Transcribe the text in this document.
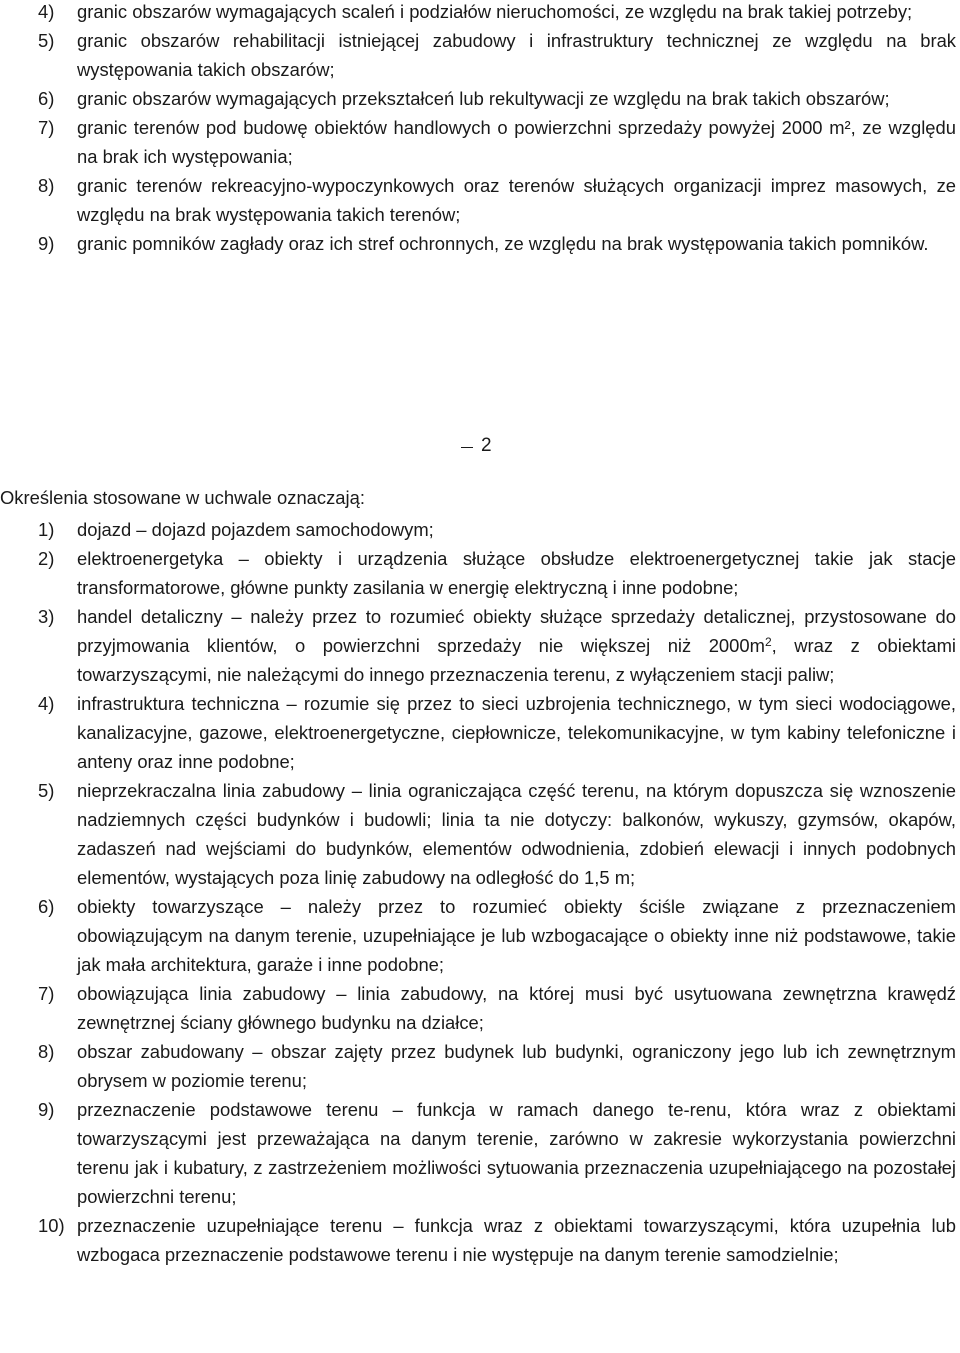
4) granic obszarów wymagających scaleń i podziałów nieruchomości, ze względu na brak takiej potrzeby;
5) granic obszarów rehabilitacji istniejącej zabudowy i infrastruktury technicznej ze względu na brak występowania takich obszarów;
6) granic obszarów wymagających przekształceń lub rekultywacji ze względu na brak takich obszarów;
7) granic terenów pod budowę obiektów handlowych o powierzchni sprzedaży powyżej 2000 m², ze względu na brak ich występowania;
8) granic terenów rekreacyjno-wypoczynkowych oraz terenów służących organizacji imprez masowych, ze względu na brak występowania takich terenów;
9) granic pomników zagłady oraz ich stref ochronnych, ze względu na brak występowania takich pomników.
2
Określenia stosowane w uchwale oznaczają:
1) dojazd – dojazd pojazdem samochodowym;
2) elektroenergetyka – obiekty i urządzenia służące obsłudze elektroenergetycznej takie jak stacje transformatorowe, główne punkty zasilania w energię elektryczną i inne podobne;
3) handel detaliczny – należy przez to rozumieć obiekty służące sprzedaży detalicznej, przystosowane do przyjmowania klientów, o powierzchni sprzedaży nie większej niż $2000m^2$, wraz z obiektami towarzyszącymi, nie należącymi do innego przeznaczenia terenu, z wyłączeniem stacji paliw;
4) infrastruktura techniczna – rozumie się przez to sieci uzbrojenia technicznego, w tym sieci wodociągowe, kanalizacyjne, gazowe, elektroenergetyczne, ciepłownicze, telekomunikacyjne, w tym kabiny telefoniczne i anteny oraz inne podobne;
5) nieprzekraczalna linia zabudowy – linia ograniczająca część terenu, na którym dopuszcza się wznoszenie nadziemnych części budynków i budowli; linia ta nie dotyczy: balkonów, wykuszy, gzymsów, okapów, zadaszeń nad wejściami do budynków, elementów odwodnienia, zdobień elewacji i innych podobnych elementów, wystających poza linię zabudowy na odległość do 1,5 m;
6) obiekty towarzyszące – należy przez to rozumieć obiekty ściśle związane z przeznaczeniem obowiązującym na danym terenie, uzupełniające je lub wzbogacające o obiekty inne niż podstawowe, takie jak mała architektura, garaże i inne podobne;
7) obowiązująca linia zabudowy – linia zabudowy, na której musi być usytuowana zewnętrzna krawędź zewnętrznej ściany głównego budynku na działce;
8) obszar zabudowany – obszar zajęty przez budynek lub budynki, ograniczony jego lub ich zewnętrznym obrysem w poziomie terenu;
9) przeznaczenie podstawowe terenu – funkcja w ramach danego te-renu, która wraz z obiektami towarzyszącymi jest przeważająca na danym terenie, zarówno w zakresie wykorzystania powierzchni terenu jak i kubatury, z zastrzeżeniem możliwości sytuowania przeznaczenia uzupełniającego na pozostałej powierzchni terenu;
10) przeznaczenie uzupełniające terenu – funkcja wraz z obiektami towarzyszącymi, która uzupełnia lub wzbogaca przeznaczenie podstawowe terenu i nie występuje na danym terenie samodzielnie;
